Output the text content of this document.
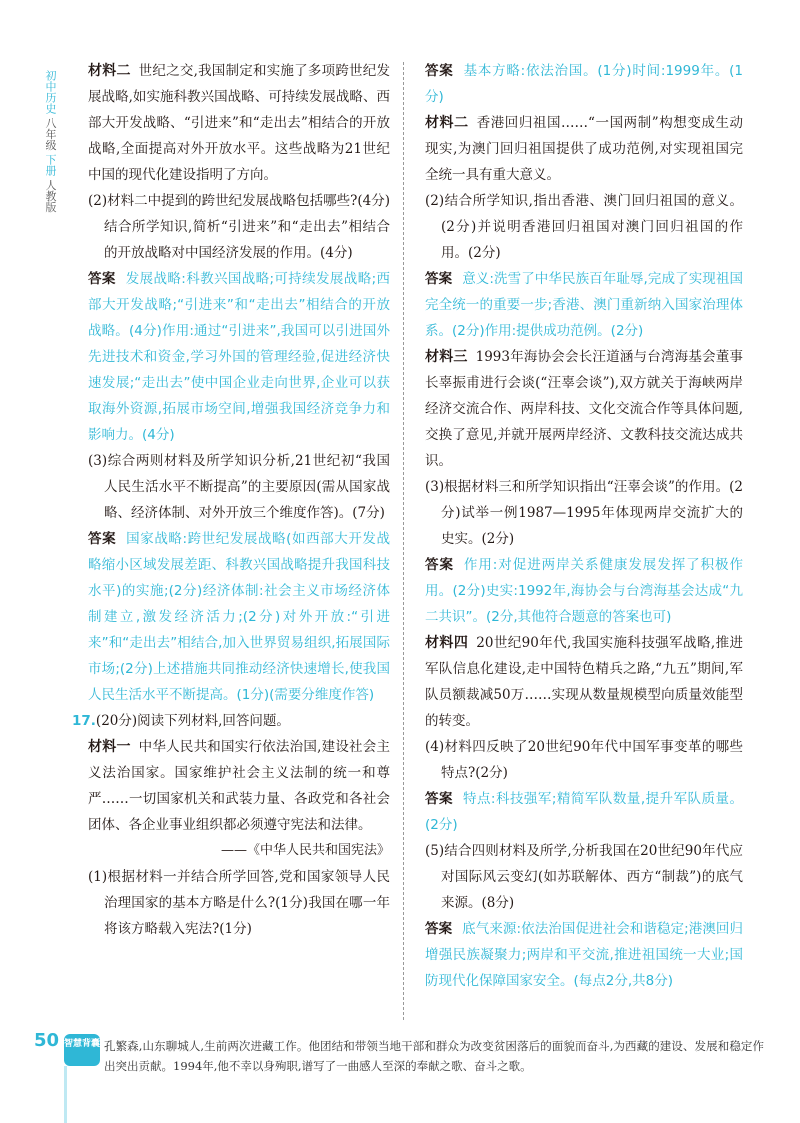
初中历史 八年级 下册 人教版

材料二 世纪之交,我国制定和实施了多项跨世纪发展战略,如实施科教兴国战略、可持续发展战略、西部大开发战略、“引进来”和“走出去”相结合的开放战略,全面提高对外开放水平。这些战略为21世纪中国的现代化建设指明了方向。

(2)材料二中提到的跨世纪发展战略包括哪些?(4分)结合所学知识,简析“引进来”和“走出去”相结合的开放战略对中国经济发展的作用。(4分)

答案 发展战略:科教兴国战略;可持续发展战略;西部大开发战略;“引进来”和“走出去”相结合的开放战略。(4分)作用:通过“引进来”,我国可以引进国外先进技术和资金,学习外国的管理经验,促进经济快速发展;“走出去”使中国企业走向世界,企业可以获取海外资源,拓展市场空间,增强我国经济竞争力和影响力。(4分)

(3)综合两则材料及所学知识分析,21世纪初“我国人民生活水平不断提高”的主要原因(需从国家战略、经济体制、对外开放三个维度作答)。(7分)

答案 国家战略:跨世纪发展战略(如西部大开发战略缩小区域发展差距、科教兴国战略提升我国科技水平)的实施;(2分)经济体制:社会主义市场经济体制建立,激发经济活力;(2分)对外开放:“引进来”和“走出去”相结合,加入世界贸易组织,拓展国际市场;(2分)上述措施共同推动经济快速增长,使我国人民生活水平不断提高。(1分)(需要分维度作答)

17.(20分)阅读下列材料,回答问题。

材料一 中华人民共和国实行依法治国,建设社会主义法治国家。国家维护社会主义法制的统一和尊严……一切国家机关和武装力量、各政党和各社会团体、各企业事业组织都必须遵守宪法和法律。

——《中华人民共和国宪法》

(1)根据材料一并结合所学回答,党和国家领导人民治理国家的基本方略是什么?(1分)我国在哪一年将该方略载入宪法?(1分)

答案 基本方略:依法治国。(1分)时间:1999年。(1分)

材料二 香港回归祖国……“一国两制”构想变成生动现实,为澳门回归祖国提供了成功范例,对实现祖国完全统一具有重大意义。

(2)结合所学知识,指出香港、澳门回归祖国的意义。(2分)并说明香港回归祖国对澳门回归祖国的作用。(2分)

答案 意义:洗雪了中华民族百年耻辱,完成了实现祖国完全统一的重要一步;香港、澳门重新纳入国家治理体系。(2分)作用:提供成功范例。(2分)

材料三 1993年海协会会长汪道涵与台湾海基会董事长辜振甫进行会谈(“汪辜会谈”),双方就关于海峡两岸经济交流合作、两岸科技、文化交流合作等具体问题,交换了意见,并就开展两岸经济、文教科技交流达成共识。

(3)根据材料三和所学知识指出“汪辜会谈”的作用。(2分)试举一例1987—1995年体现两岸交流扩大的史实。(2分)

答案 作用:对促进两岸关系健康发展发挥了积极作用。(2分)史实:1992年,海协会与台湾海基会达成“九二共识”。(2分,其他符合题意的答案也可)

材料四 20世纪90年代,我国实施科技强军战略,推进军队信息化建设,走中国特色精兵之路,“九五”期间,军队员额裁减50万……实现从数量规模型向质量效能型的转变。

(4)材料四反映了20世纪90年代中国军事变革的哪些特点?(2分)

答案 特点:科技强军;精简军队数量,提升军队质量。(2分)

(5)结合四则材料及所学,分析我国在20世纪90年代应对国际风云变幻(如苏联解体、西方“制裁”)的底气来源。(8分)

答案 底气来源:依法治国促进社会和谐稳定;港澳回归增强民族凝聚力;两岸和平交流,推进祖国统一大业;国防现代化保障国家安全。(每点2分,共8分)

50 智慧背囊 孔繁森,山东聊城人,生前两次进藏工作。他团结和带领当地干部和群众为改变贫困落后的面貌而奋斗,为西藏的建设、发展和稳定作出突出贡献。1994年,他不幸以身殉职,谱写了一曲感人至深的奉献之歌、奋斗之歌。
